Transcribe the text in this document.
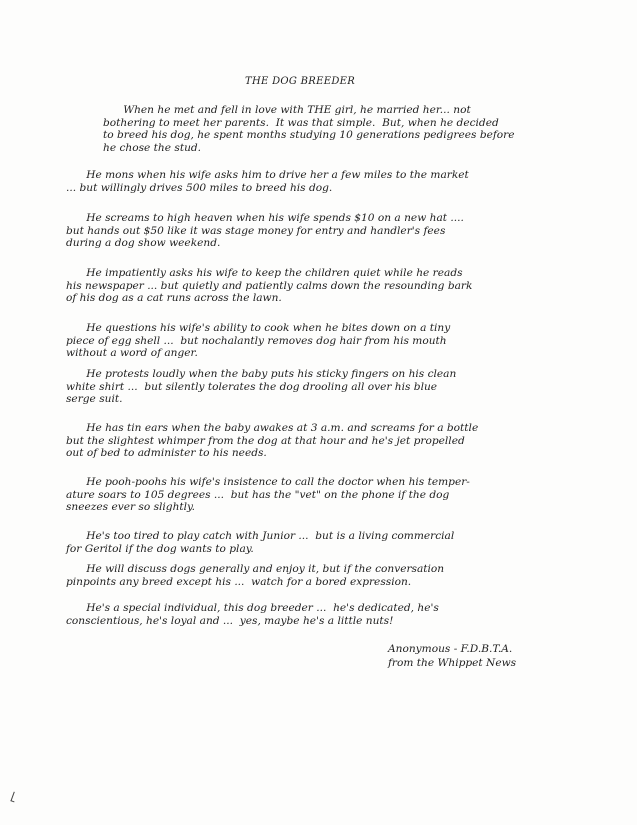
THE DOG BREEDER

When he met and fell in love with THE girl, he married her... not
bothering to meet her parents.  It was that simple.  But, when he decided
to breed his dog, he spent months studying 10 generations pedigrees before
he chose the stud.

He mons when his wife asks him to drive her a few miles to the market
... but willingly drives 500 miles to breed his dog.

He screams to high heaven when his wife spends $10 on a new hat ....
but hands out $50 like it was stage money for entry and handler's fees
during a dog show weekend.

He impatiently asks his wife to keep the children quiet while he reads
his newspaper ... but quietly and patiently calms down the resounding bark
of his dog as a cat runs across the lawn.

He questions his wife's ability to cook when he bites down on a tiny
piece of egg shell ...  but nochalantly removes dog hair from his mouth
without a word of anger.

He protests loudly when the baby puts his sticky fingers on his clean
white shirt ...  but silently tolerates the dog drooling all over his blue
serge suit.

He has tin ears when the baby awakes at 3 a.m. and screams for a bottle
but the slightest whimper from the dog at that hour and he's jet propelled
out of bed to administer to his needs.

He pooh-poohs his wife's insistence to call the doctor when his temper-
ature soars to 105 degrees ...  but has the "vet" on the phone if the dog
sneezes ever so slightly.

He's too tired to play catch with Junior ...  but is a living commercial
for Geritol if the dog wants to play.

He will discuss dogs generally and enjoy it, but if the conversation
pinpoints any breed except his ...  watch for a bored expression.

He's a special individual, this dog breeder ...  he's dedicated, he's
conscientious, he's loyal and ...  yes, maybe he's a little nuts!

Anonymous - F.D.B.T.A.
from the Whippet News
